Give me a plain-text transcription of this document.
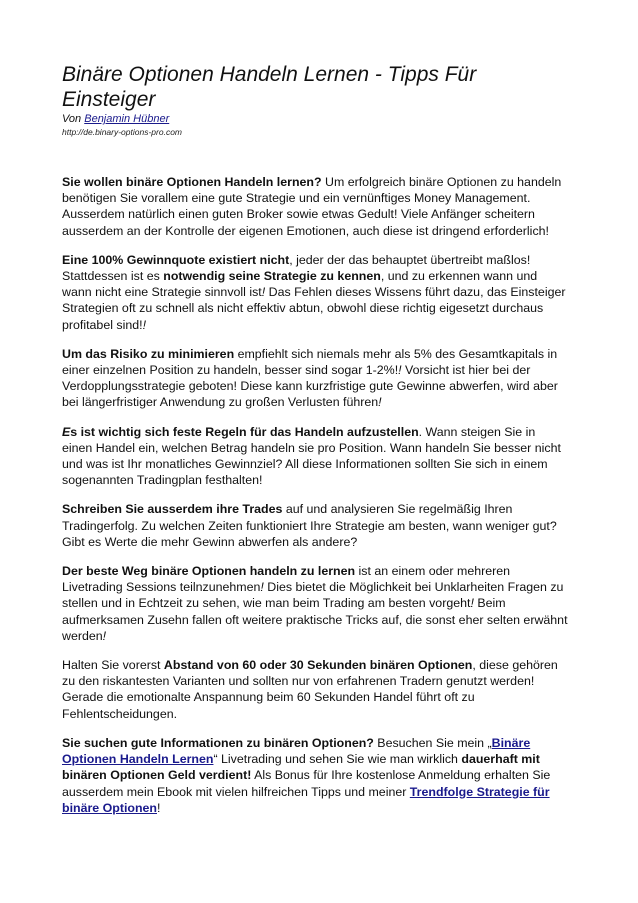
Binäre Optionen Handeln Lernen - Tipps Für Einsteiger
Von Benjamin Hübner
http://de.binary-options-pro.com

Sie wollen binäre Optionen Handeln lernen? Um erfolgreich binäre Optionen zu handeln benötigen Sie vorallem eine gute Strategie und ein vernünftiges Money Management. Ausserdem natürlich einen guten Broker sowie etwas Gedult! Viele Anfänger scheitern ausserdem an der Kontrolle der eigenen Emotionen, auch diese ist dringend erforderlich!

Eine 100% Gewinnquote existiert nicht, jeder der das behauptet übertreibt maßlos! Stattdessen ist es notwendig seine Strategie zu kennen, und zu erkennen wann und wann nicht eine Strategie sinnvoll ist! Das Fehlen dieses Wissens führt dazu, das Einsteiger Strategien oft zu schnell als nicht effektiv abtun, obwohl diese richtig eigesetzt durchaus profitabel sind!!

Um das Risiko zu minimieren empfiehlt sich niemals mehr als 5% des Gesamtkapitals in einer einzelnen Position zu handeln, besser sind sogar 1-2%!! Vorsicht ist hier bei der Verdopplungsstrategie geboten! Diese kann kurzfristige gute Gewinne abwerfen, wird aber bei längerfristiger Anwendung zu großen Verlusten führen!

Es ist wichtig sich feste Regeln für das Handeln aufzustellen. Wann steigen Sie in einen Handel ein, welchen Betrag handeln sie pro Position. Wann handeln Sie besser nicht und was ist Ihr monatliches Gewinnziel? All diese Informationen sollten Sie sich in einem sogenannten Tradingplan festhalten!

Schreiben Sie ausserdem ihre Trades auf und analysieren Sie regelmäßig Ihren Tradingerfolg. Zu welchen Zeiten funktioniert Ihre Strategie am besten, wann weniger gut? Gibt es Werte die mehr Gewinn abwerfen als andere?

Der beste Weg binäre Optionen handeln zu lernen ist an einem oder mehreren Livetrading Sessions teilnzunehmen! Dies bietet die Möglichkeit bei Unklarheiten Fragen zu stellen und in Echtzeit zu sehen, wie man beim Trading am besten vorgeht! Beim aufmerksamen Zusehn fallen oft weitere praktische Tricks auf, die sonst eher selten erwähnt werden!

Halten Sie vorerst Abstand von 60 oder 30 Sekunden binären Optionen, diese gehören zu den riskantesten Varianten und sollten nur von erfahrenen Tradern genutzt werden! Gerade die emotionalte Anspannung beim 60 Sekunden Handel führt oft zu Fehlentscheidungen.

Sie suchen gute Informationen zu binären Optionen? Besuchen Sie mein „Binäre Optionen Handeln Lernen“ Livetrading und sehen Sie wie man wirklich dauerhaft mit binären Optionen Geld verdient! Als Bonus für Ihre kostenlose Anmeldung erhalten Sie ausserdem mein Ebook mit vielen hilfreichen Tipps und meiner Trendfolge Strategie für binäre Optionen!
